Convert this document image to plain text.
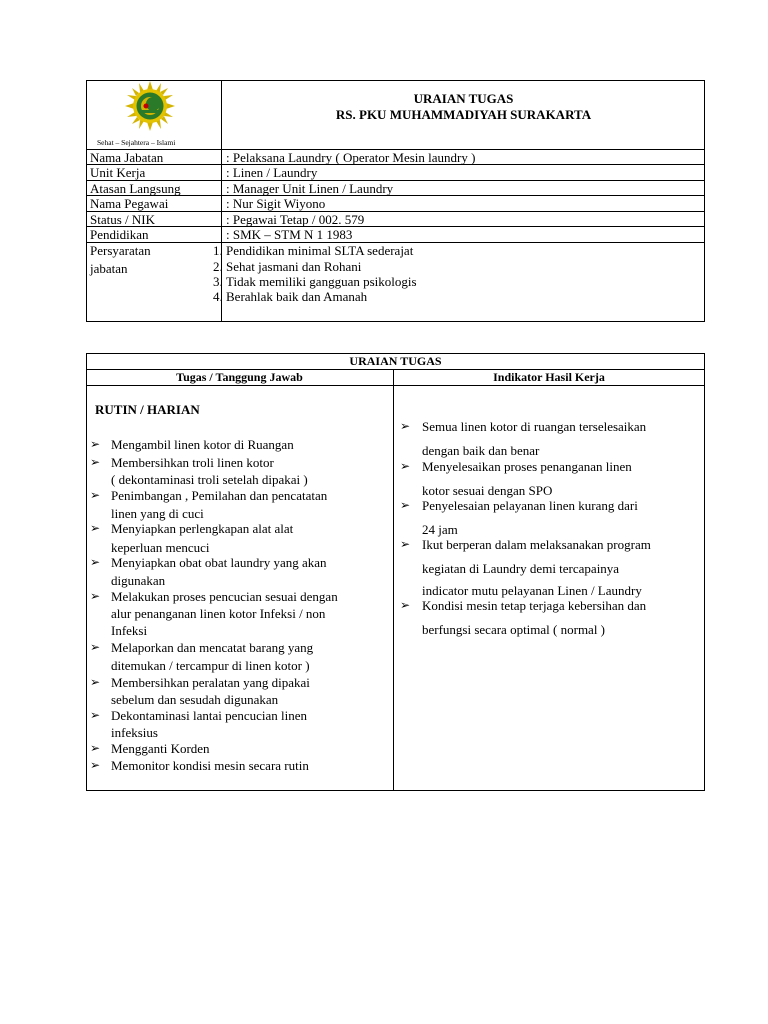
Sehat – Sejahtera – Islami
URAIAN TUGAS
RS. PKU MUHAMMADIYAH SURAKARTA
Nama Jabatan	: Pelaksana Laundry ( Operator Mesin laundry )
Unit Kerja	: Linen / Laundry
Atasan Langsung	: Manager Unit Linen / Laundry
Nama Pegawai	: Nur Sigit Wiyono
Status / NIK	: Pegawai Tetap / 002. 579
Pendidikan	: SMK – STM N 1 1983
Persyaratan
jabatan
1. Pendidikan minimal SLTA sederajat
2. Sehat jasmani dan Rohani
3. Tidak memiliki gangguan psikologis
4. Berahlak baik dan Amanah
URAIAN TUGAS
Tugas / Tanggung Jawab	Indikator Hasil Kerja
RUTIN / HARIAN
➢ Mengambil linen kotor di Ruangan
➢ Membersihkan troli linen kotor
( dekontaminasi troli setelah dipakai )
➢ Penimbangan , Pemilahan dan pencatatan
linen yang di cuci
➢ Menyiapkan perlengkapan alat alat
keperluan mencuci
➢ Menyiapkan obat obat laundry yang akan
digunakan
➢ Melakukan proses pencucian sesuai dengan
alur penanganan linen kotor Infeksi / non
Infeksi
➢ Melaporkan dan mencatat barang yang
ditemukan / tercampur di linen kotor )
➢ Membersihkan peralatan yang dipakai
sebelum dan sesudah digunakan
➢ Dekontaminasi lantai pencucian linen
infeksius
➢ Mengganti Korden
➢ Memonitor kondisi mesin secara rutin
➢ Semua linen kotor di ruangan terselesaikan
dengan baik dan benar
➢ Menyelesaikan proses penanganan linen
kotor sesuai dengan SPO
➢ Penyelesaian pelayanan linen kurang dari
24 jam
➢ Ikut berperan dalam melaksanakan program
kegiatan di Laundry demi tercapainya
indicator mutu pelayanan Linen / Laundry
➢ Kondisi mesin tetap terjaga kebersihan dan
berfungsi secara optimal ( normal )
